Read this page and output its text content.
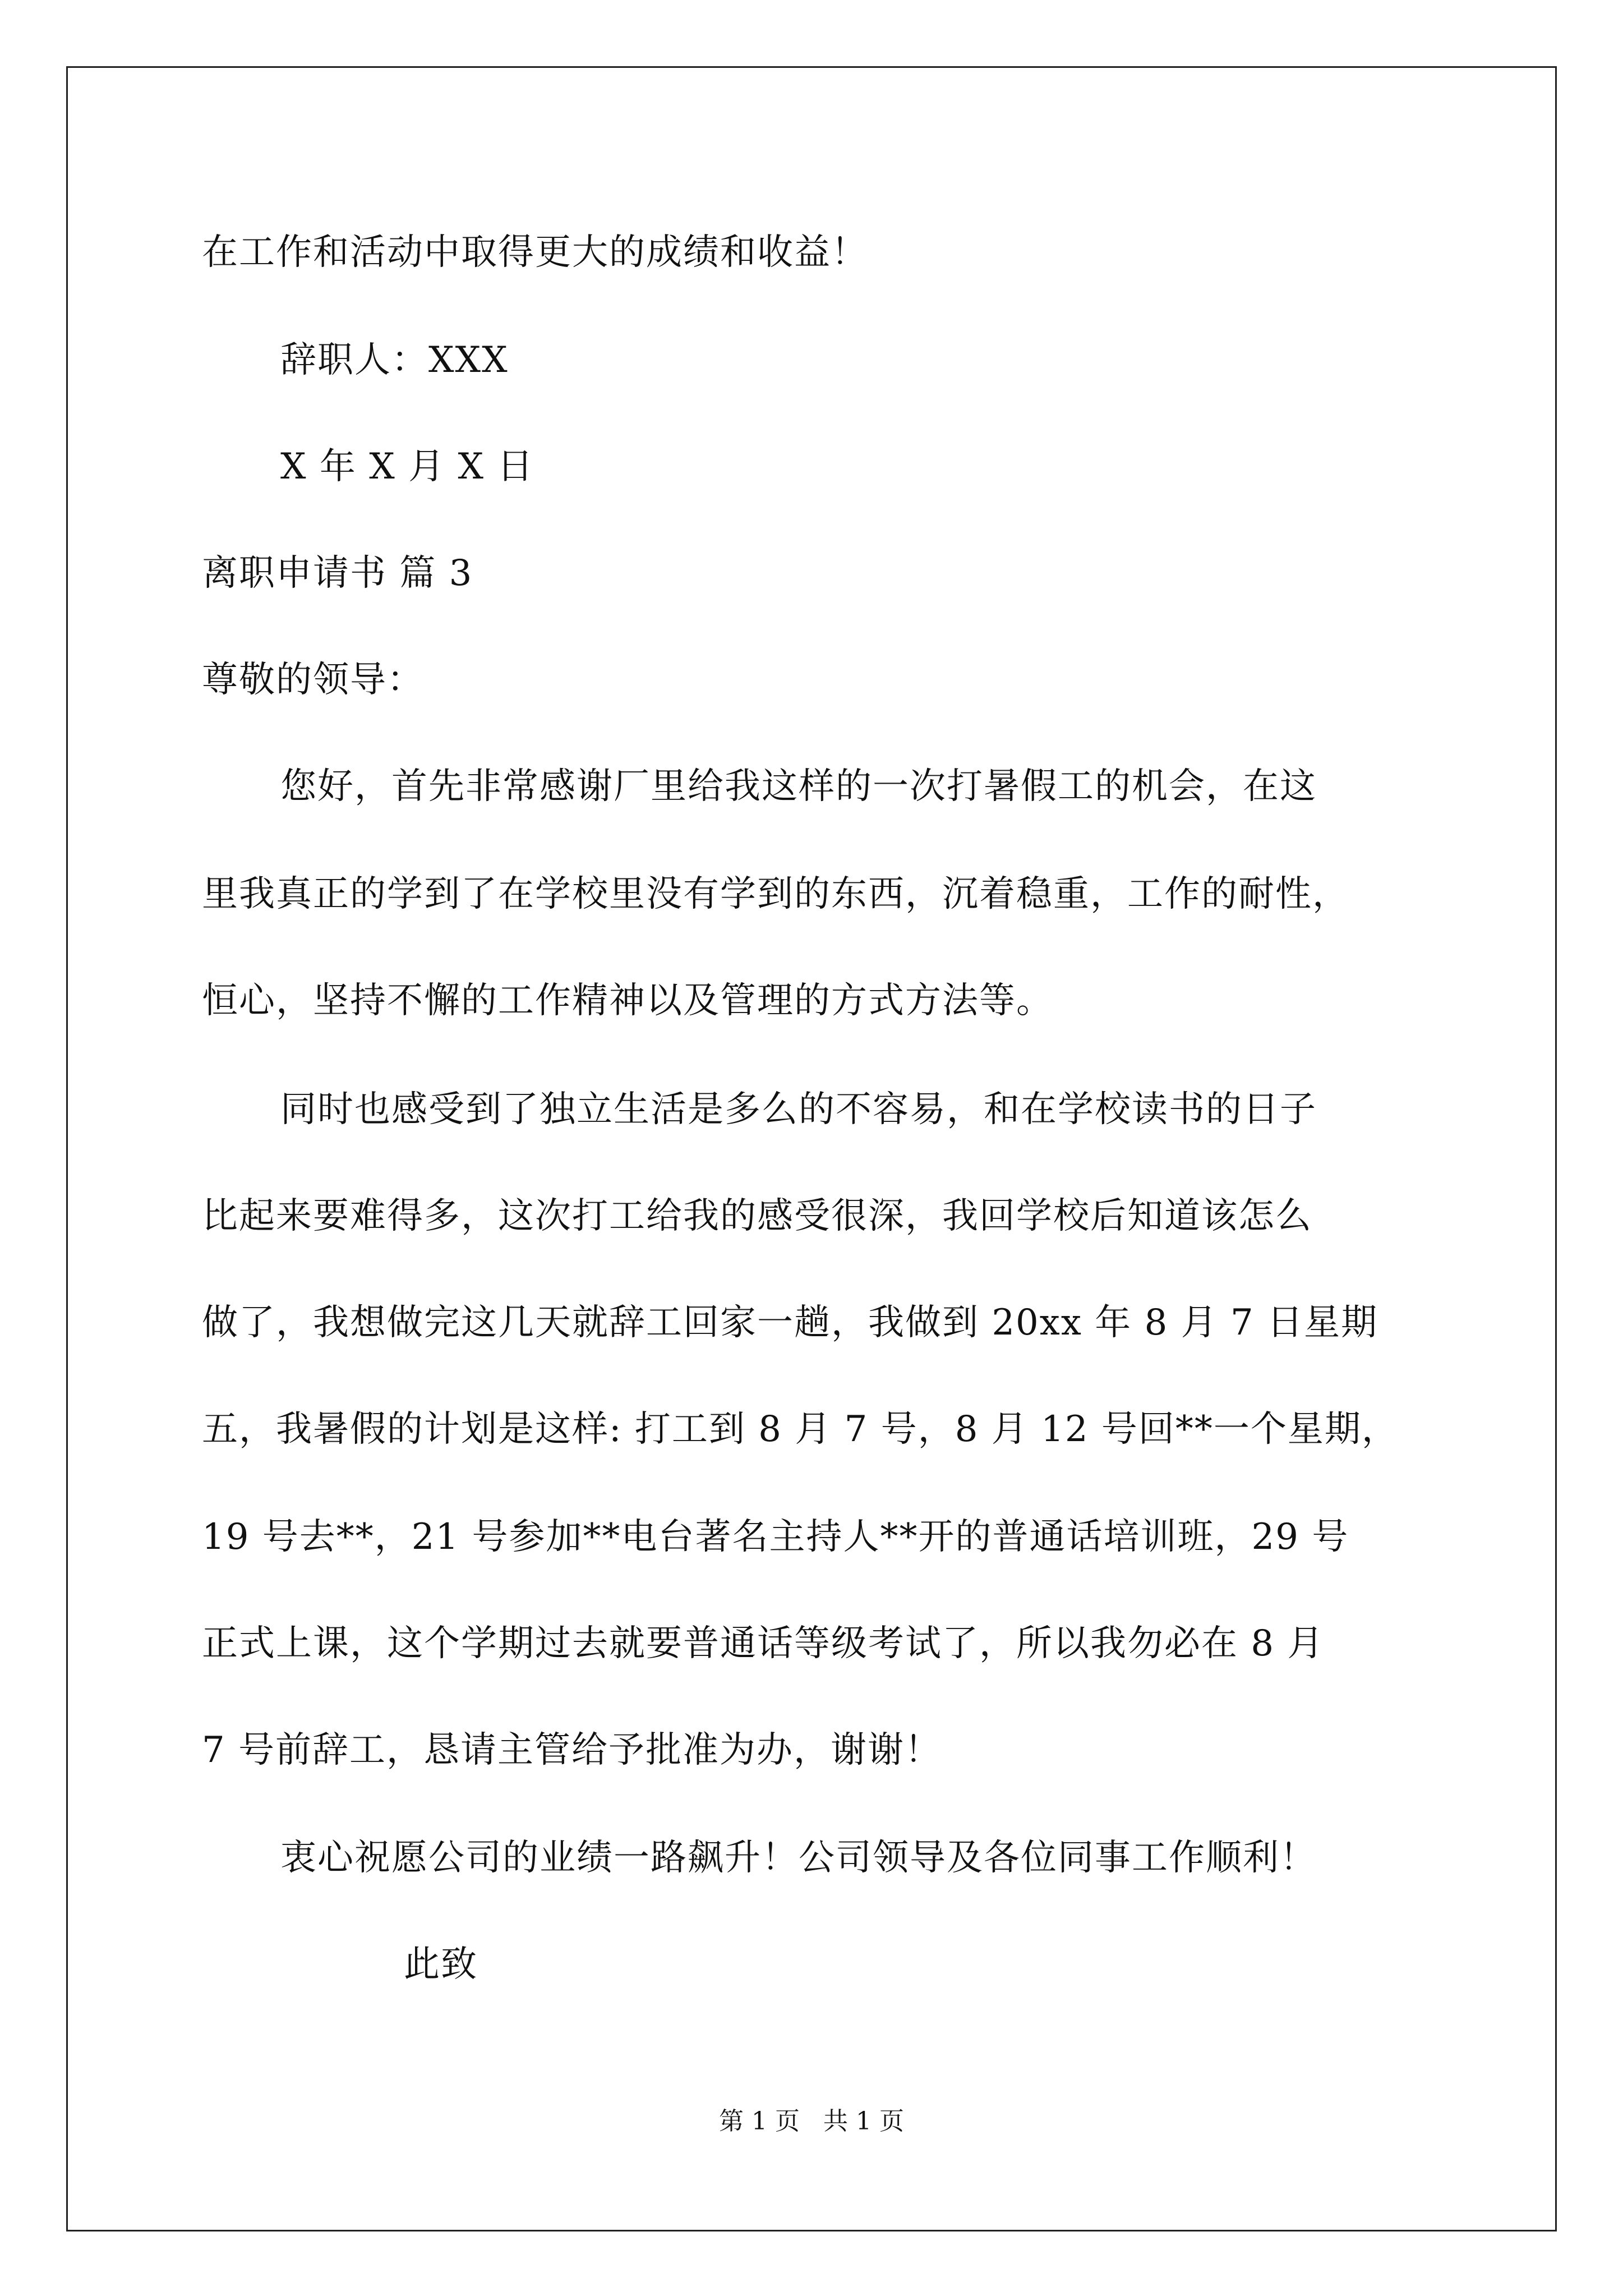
在工作和活动中取得更大的成绩和收益！
辞职人：XXX
X 年 X 月 X 日
离职申请书 篇 3
尊敬的领导：
您好，首先非常感谢厂里给我这样的一次打暑假工的机会，在这
里我真正的学到了在学校里没有学到的东西，沉着稳重，工作的耐性，
恒心，坚持不懈的工作精神以及管理的方式方法等。
同时也感受到了独立生活是多么的不容易，和在学校读书的日子
比起来要难得多，这次打工给我的感受很深，我回学校后知道该怎么
做了，我想做完这几天就辞工回家一趟，我做到 20xx 年 8 月 7 日星期
五，我暑假的计划是这样: 打工到 8 月 7 号，8 月 12 号回**一个星期，
19 号去**，21 号参加**电台著名主持人**开的普通话培训班，29 号
正式上课，这个学期过去就要普通话等级考试了，所以我勿必在 8 月
7 号前辞工，恳请主管给予批准为办，谢谢！
衷心祝愿公司的业绩一路飙升！公司领导及各位同事工作顺利！
此致
第 1 页   共 1 页
